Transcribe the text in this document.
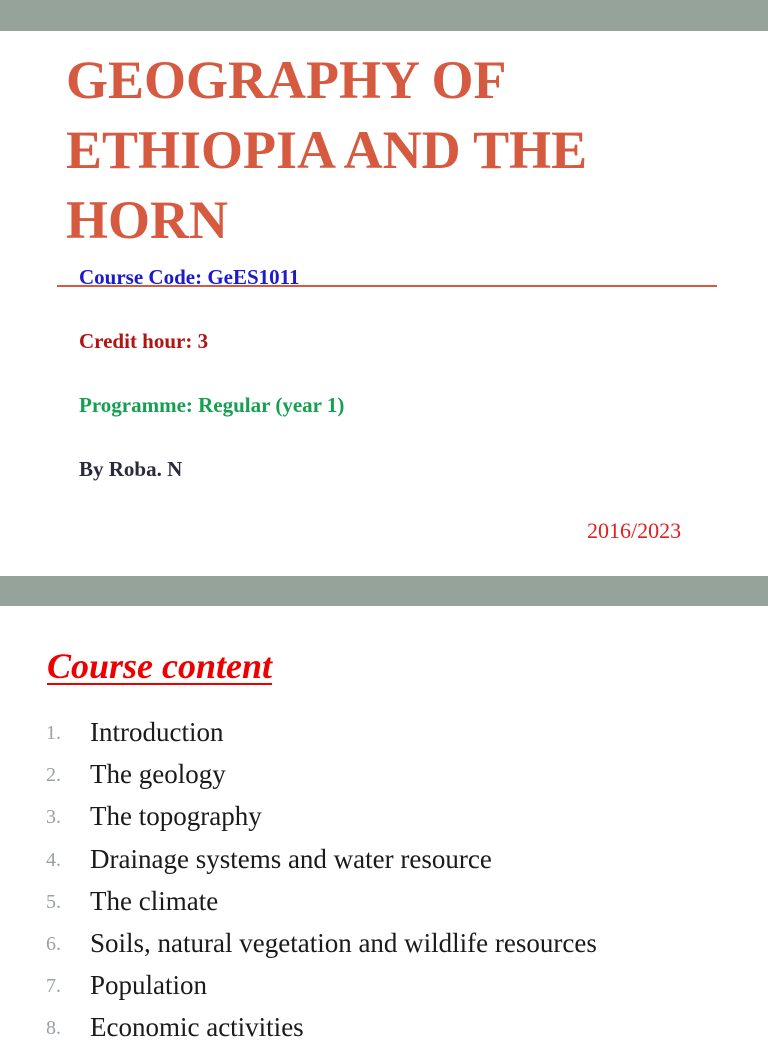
GEOGRAPHY OF
ETHIOPIA AND THE
HORN

Course Code: GeES1011

Credit hour: 3

Programme: Regular (year 1)

By Roba. N

2016/2023
Course content
1. Introduction
2. The geology
3. The topography
4. Drainage systems and water resource
5. The climate
6. Soils, natural vegetation and wildlife resources
7. Population
8. Economic activities
